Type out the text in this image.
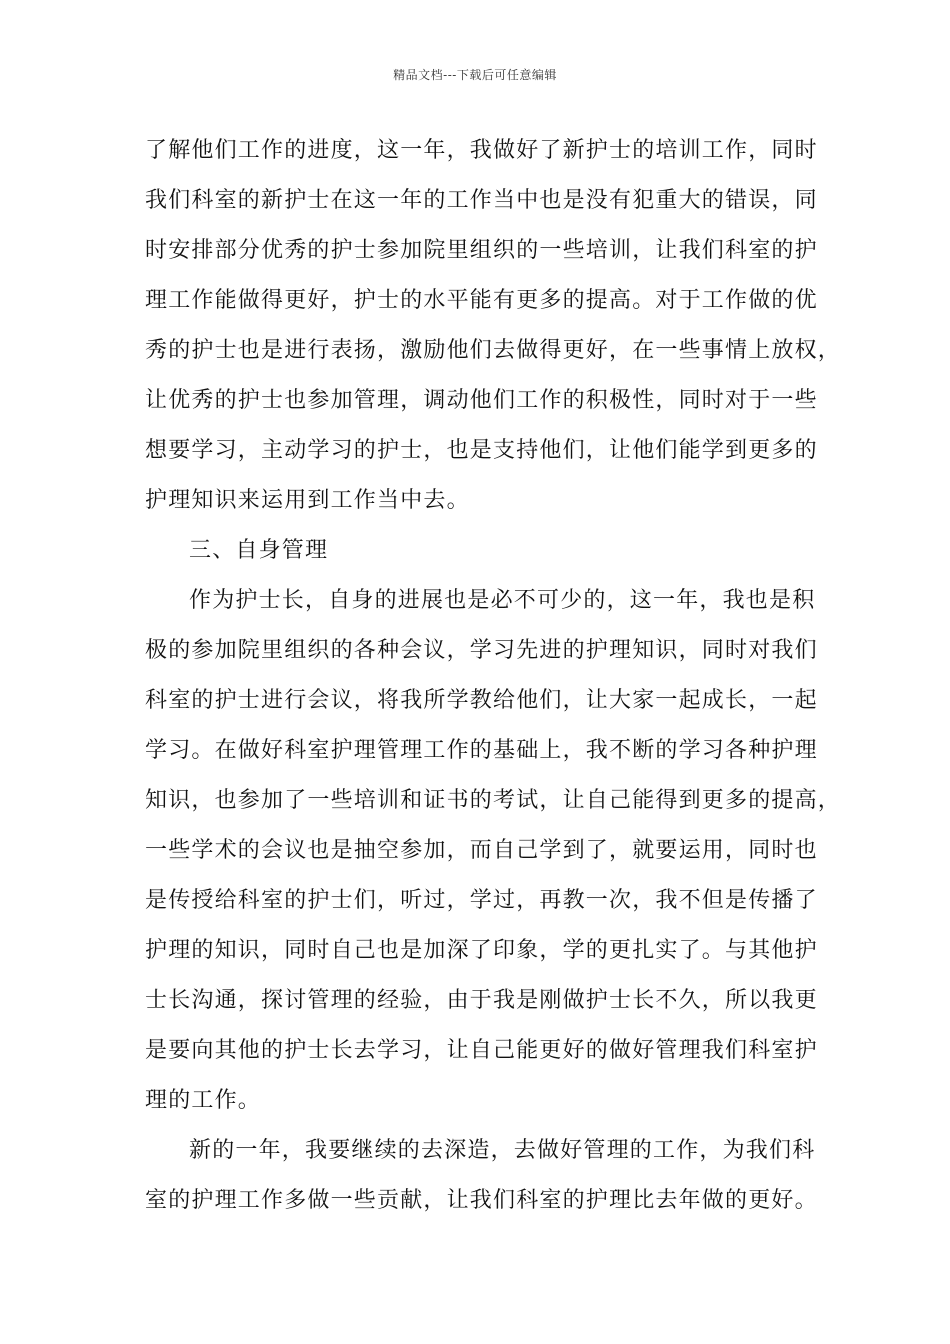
精品文档---下载后可任意编辑
了解他们工作的进度，这一年，我做好了新护士的培训工作，同时
我们科室的新护士在这一年的工作当中也是没有犯重大的错误，同
时安排部分优秀的护士参加院里组织的一些培训，让我们科室的护
理工作能做得更好，护士的水平能有更多的提高。对于工作做的优
秀的护士也是进行表扬，激励他们去做得更好，在一些事情上放权，
让优秀的护士也参加管理，调动他们工作的积极性，同时对于一些
想要学习，主动学习的护士，也是支持他们，让他们能学到更多的
护理知识来运用到工作当中去。
三、自身管理
作为护士长，自身的进展也是必不可少的，这一年，我也是积
极的参加院里组织的各种会议，学习先进的护理知识，同时对我们
科室的护士进行会议，将我所学教给他们，让大家一起成长，一起
学习。在做好科室护理管理工作的基础上，我不断的学习各种护理
知识，也参加了一些培训和证书的考试，让自己能得到更多的提高，
一些学术的会议也是抽空参加，而自己学到了，就要运用，同时也
是传授给科室的护士们，听过，学过，再教一次，我不但是传播了
护理的知识，同时自己也是加深了印象，学的更扎实了。与其他护
士长沟通，探讨管理的经验，由于我是刚做护士长不久，所以我更
是要向其他的护士长去学习，让自己能更好的做好管理我们科室护
理的工作。
新的一年，我要继续的去深造，去做好管理的工作，为我们科
室的护理工作多做一些贡献，让我们科室的护理比去年做的更好。
